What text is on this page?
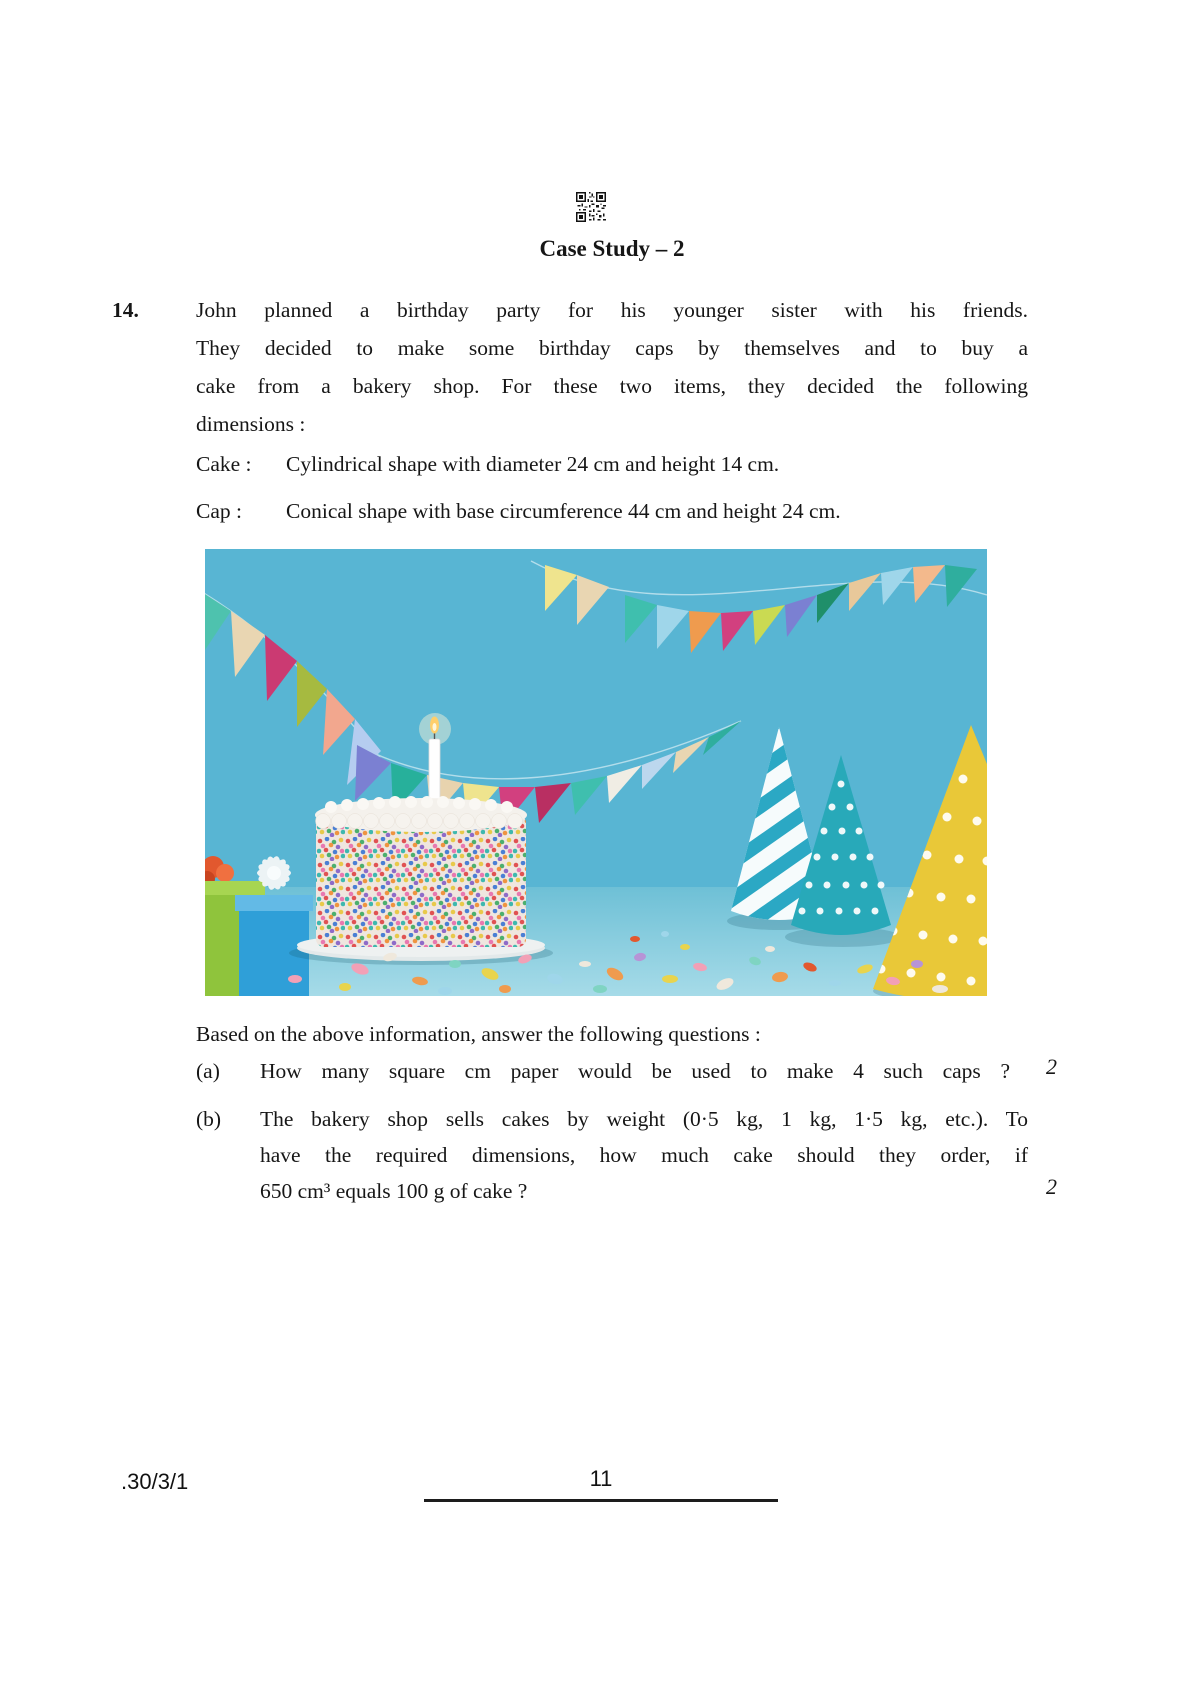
Case Study – 2
14.	John planned a birthday party for his younger sister with his friends.
They decided to make some birthday caps by themselves and to buy a
cake from a bakery shop. For these two items, they decided the following
dimensions :
Cake : Cylindrical shape with diameter 24 cm and height 14 cm.
Cap : Conical shape with base circumference 44 cm and height 24 cm.
Based on the above information, answer the following questions :
(a) How many square cm paper would be used to make 4 such caps ? 2
(b) The bakery shop sells cakes by weight (0·5 kg, 1 kg, 1·5 kg, etc.). To
have the required dimensions, how much cake should they order, if
650 cm³ equals 100 g of cake ?	2
.30/3/1	11
